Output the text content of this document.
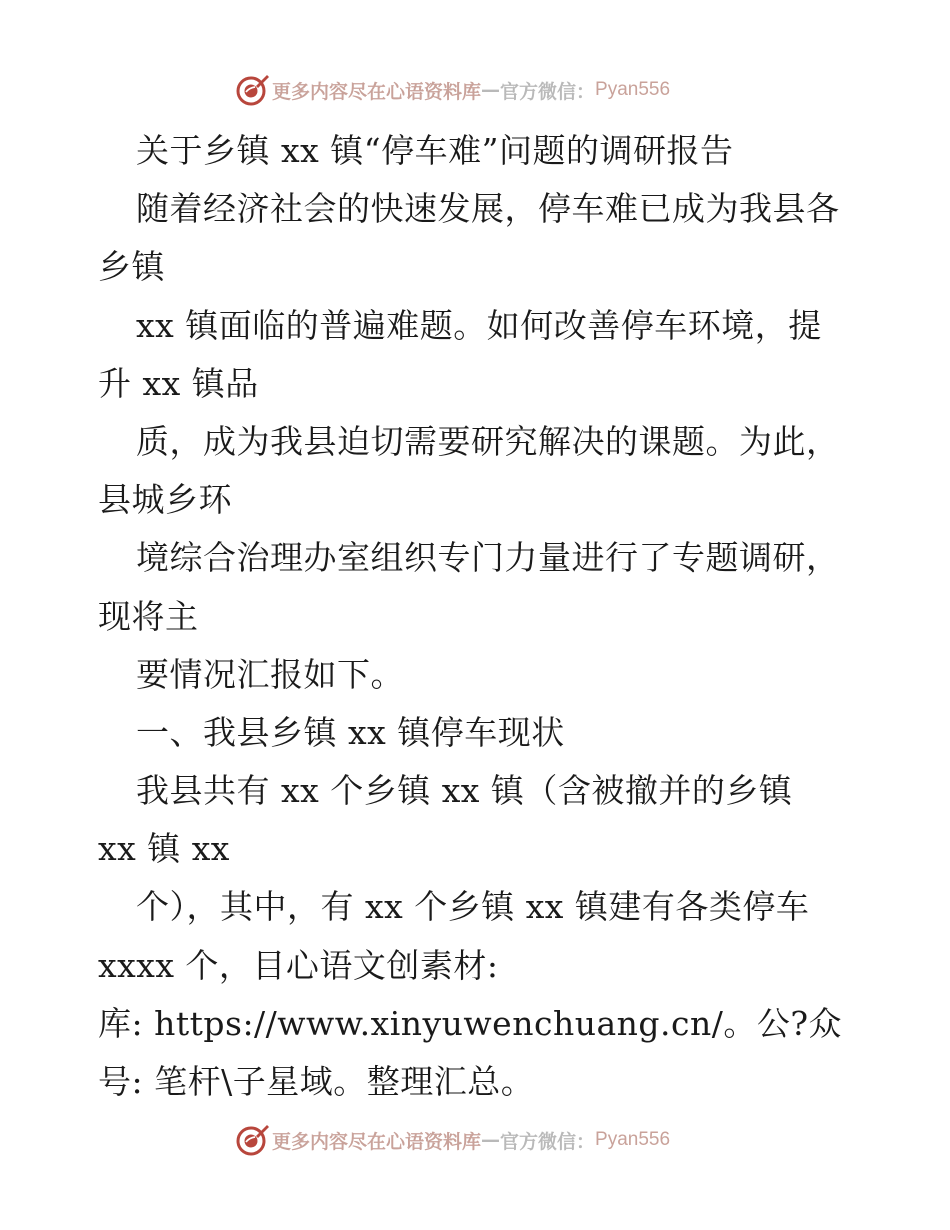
更多内容尽在心语资料库 — 官方微信： Pyan556
关于乡镇 xx 镇“停车难”问题的调研报告
随着经济社会的快速发展，停车难已成为我县各
乡镇
xx 镇面临的普遍难题。如何改善停车环境，提
升 xx 镇品
质，成为我县迫切需要研究解决的课题。为此，
县城乡环
境综合治理办室组织专门力量进行了专题调研，
现将主
要情况汇报如下。
一、我县乡镇 xx 镇停车现状
我县共有 xx 个乡镇 xx 镇（含被撤并的乡镇
xx 镇 xx
个），其中，有 xx 个乡镇 xx 镇建有各类停车
xxxx 个，目心语文创素材:
库: https://www.xinyuwenchuang.cn/。公?众
号: 笔杆\子星域。整理汇总。
更多内容尽在心语资料库 — 官方微信： Pyan556
